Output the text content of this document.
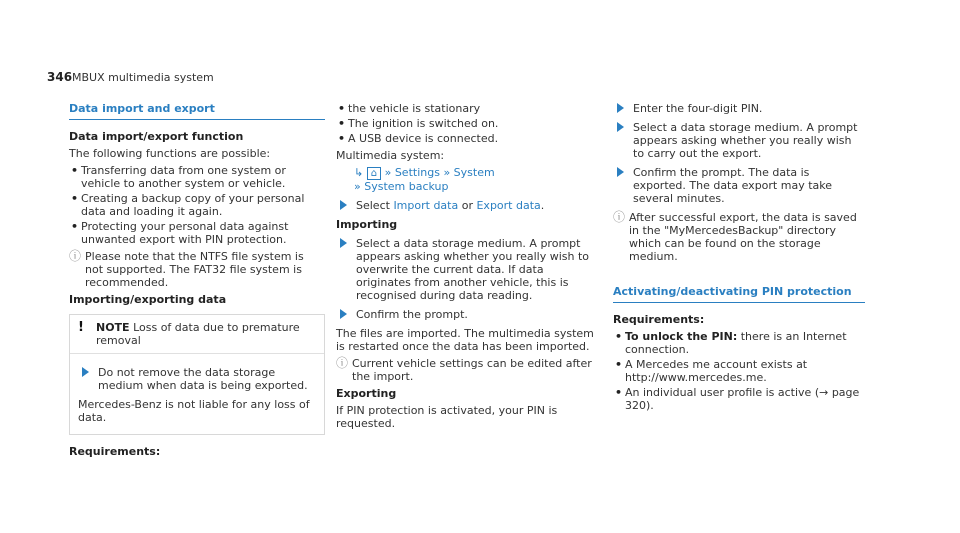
346 MBUX multimedia system
Data import and export

Data import/export function

The following functions are possible:

• Transferring data from one system or vehicle to another system or vehicle.
• Creating a backup copy of your personal data and loading it again.
• Protecting your personal data against unwanted export with PIN protection.
ⓘ Please note that the NTFS file system is not supported. The FAT32 file system is recommended.

Importing/exporting data

! NOTE Loss of data due to premature removal
Do not remove the data storage medium when data is being exported.

Mercedes-Benz is not liable for any loss of data.

Requirements:

• the vehicle is stationary
• The ignition is switched on.
• A USB device is connected.

Multimedia system:

↳ ⌂ » Settings » System
» System backup
Select Import data or Export data.

Importing

Select a data storage medium. A prompt appears asking whether you really wish to overwrite the current data. If data originates from another vehicle, this is recognised during data reading.
Confirm the prompt.

The files are imported. The multimedia system is restarted once the data has been imported.

ⓘ Current vehicle settings can be edited after the import.

Exporting

If PIN protection is activated, your PIN is requested.

Enter the four-digit PIN.
Select a data storage medium. A prompt appears asking whether you really wish to carry out the export.
Confirm the prompt. The data is exported. The data export may take several minutes.
ⓘ After successful export, the data is saved in the "MyMercedesBackup" directory which can be found on the storage medium.
Activating/deactivating PIN protection

Requirements:

• To unlock the PIN: there is an Internet connection.
• A Mercedes me account exists at http://www.mercedes.me.
• An individual user profile is active (→ page 320).
